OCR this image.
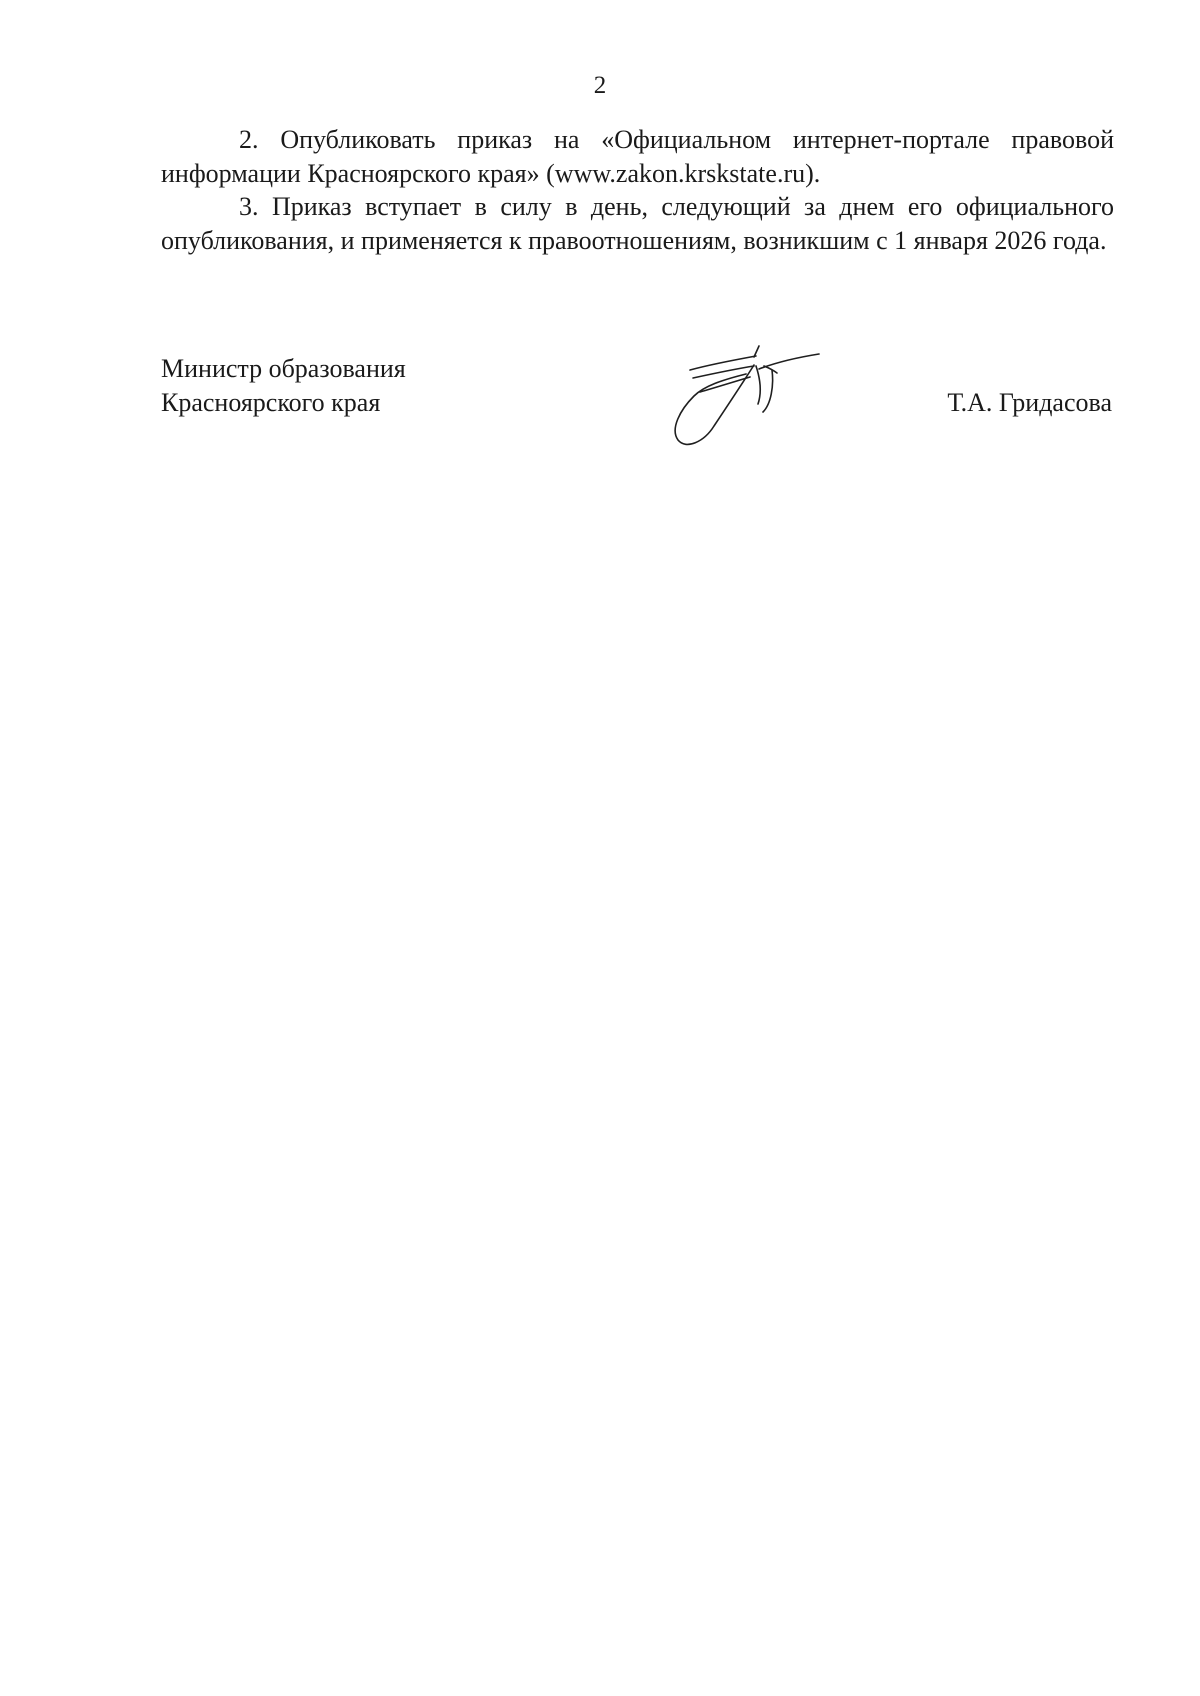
2

2. Опубликовать приказ на «Официальном интернет-портале правовой информации Красноярского края» (www.zakon.krskstate.ru).

3. Приказ вступает в силу в день, следующий за днем его официального опубликования, и применяется к правоотношениям, возникшим с 1 января 2026 года.

Министр образования
Красноярского края	Т.А. Гридасова
